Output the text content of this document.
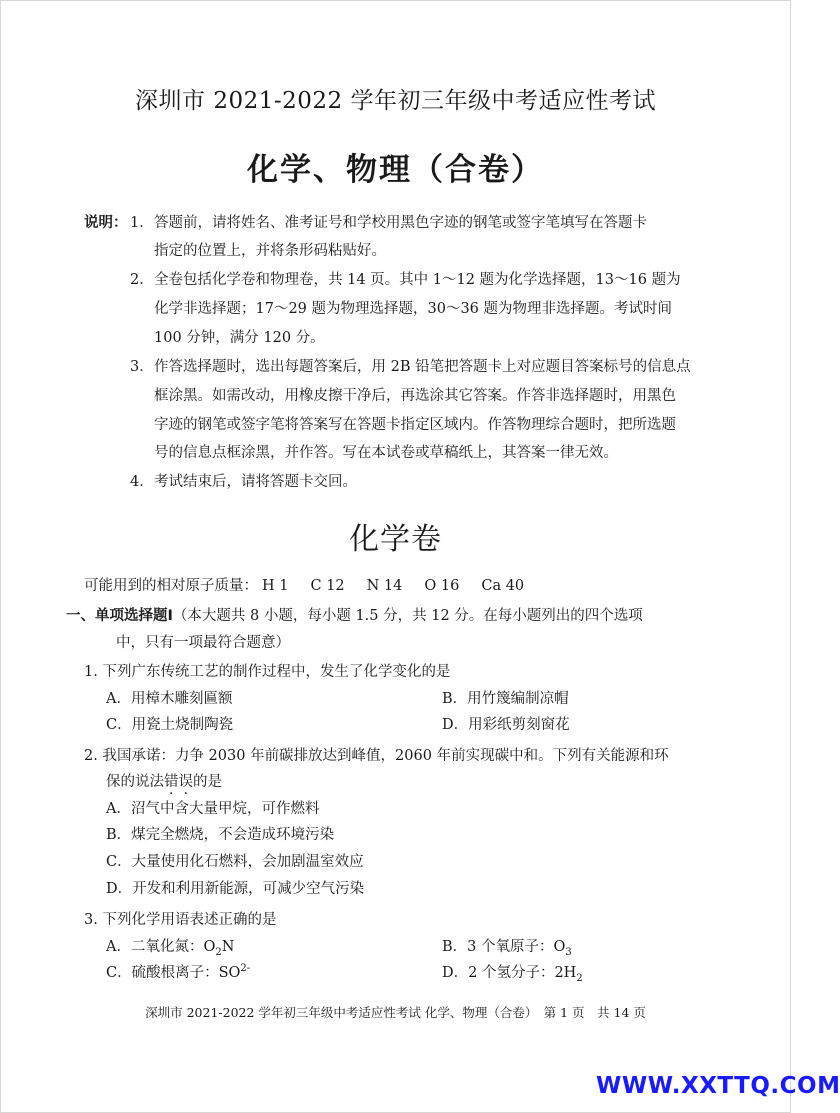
深圳市 2021-2022 学年初三年级中考适应性考试
化学、物理（合卷）
说明： 1． 答题前，请将姓名、准考证号和学校用黑色字迹的钢笔或签字笔填写在答题卡
指定的位置上，并将条形码粘贴好。
2． 全卷包括化学卷和物理卷，共 14 页。其中 1～12 题为化学选择题，13～16 题为
化学非选择题；17～29 题为物理选择题，30～36 题为物理非选择题。考试时间
100 分钟，满分 120 分。
3． 作答选择题时，选出每题答案后，用 2B 铅笔把答题卡上对应题目答案标号的信息点
框涂黑。如需改动，用橡皮擦干净后，再选涂其它答案。作答非选择题时，用黑色
字迹的钢笔或签字笔将答案写在答题卡指定区域内。作答物理综合题时，把所选题
号的信息点框涂黑，并作答。写在本试卷或草稿纸上，其答案一律无效。
4． 考试结束后，请将答题卡交回。
化学卷
可能用到的相对原子质量： H 1 C 12 N 14 O 16 Ca 40
一、单项选择题Ⅰ（本大题共 8 小题，每小题 1.5 分，共 12 分。在每小题列出的四个选项
中，只有一项最符合题意）
1. 下列广东传统工艺的制作过程中，发生了化学变化的是
A．用樟木雕刻匾额	B．用竹篾编制凉帽
C．用瓷土烧制陶瓷	D．用彩纸剪刻窗花
2. 我国承诺：力争 2030 年前碳排放达到峰值，2060 年前实现碳中和。下列有关能源和环
保的说法错误的是
A．沼气中含大量甲烷，可作燃料
B．煤完全燃烧，不会造成环境污染
C．大量使用化石燃料，会加剧温室效应
D．开发和利用新能源，可减少空气污染
3. 下列化学用语表述正确的是
A．二氧化氮：$O_2N$	B．3 个氧原子：$O_3$
C．硫酸根离子：$SO^{2-}$	D．2 个氢分子：$2H_2$
深圳市 2021-2022 学年初三年级中考适应性考试 化学、物理（合卷）　第 1 页　共 14 页
WWW.XXTTQ.COM
